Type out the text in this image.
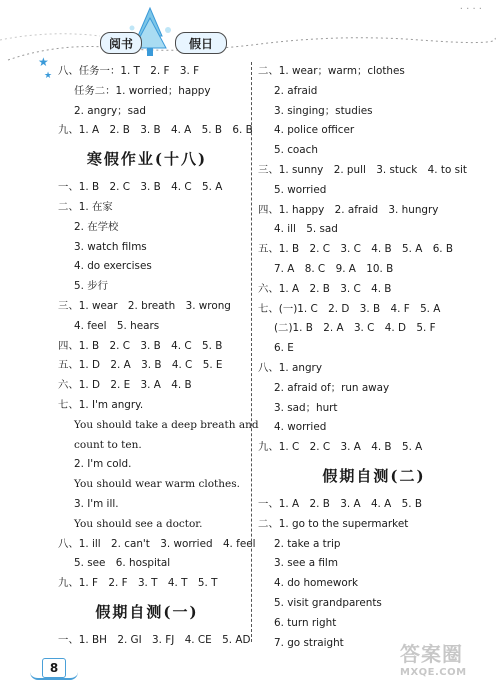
阅书	假日
· · · ·
★
★ 八、任务一：1. T　2. F　3. F
任务二：1. worried；happy
2. angry；sad
九、1. A　2. B　3. B　4. A　5. B　6. B
寒假作业(十八)
一、1. B　2. C　3. B　4. C　5. A
二、1. 在家
2. 在学校
3. watch films
4. do exercises
5. 步行
三、1. wear　2. breath　3. wrong
4. feel　5. hears
四、1. B　2. C　3. B　4. C　5. B
五、1. D　2. A　3. B　4. C　5. E
六、1. D　2. E　3. A　4. B
七、1. I'm angry.
You should take a deep breath and
count to ten.
2. I'm cold.
You should wear warm clothes.
3. I'm ill.
You should see a doctor.
八、1. ill　2. can't　3. worried　4. feel
5. see　6. hospital
九、1. F　2. F　3. T　4. T　5. T
假期自测(一)
一、1. BH　2. GI　3. FJ　4. CE　5. AD
二、1. wear；warm；clothes
2. afraid
3. singing；studies
4. police officer
5. coach
三、1. sunny　2. pull　3. stuck　4. to sit
5. worried
四、1. happy　2. afraid　3. hungry
4. ill　5. sad
五、1. B　2. C　3. C　4. B　5. A　6. B
7. A　8. C　9. A　10. B
六、1. A　2. B　3. C　4. B
七、(一)1. C　2. D　3. B　4. F　5. A
(二)1. B　2. A　3. C　4. D　5. F
6. E
八、1. angry
2. afraid of；run away
3. sad；hurt
4. worried
九、1. C　2. C　3. A　4. B　5. A
假期自测(二)
一、1. A　2. B　3. A　4. A　5. B
二、1. go to the supermarket
2. take a trip
3. see a film
4. do homework
5. visit grandparents
6. turn right
7. go straight
8
答案圈
MXQE.COM
